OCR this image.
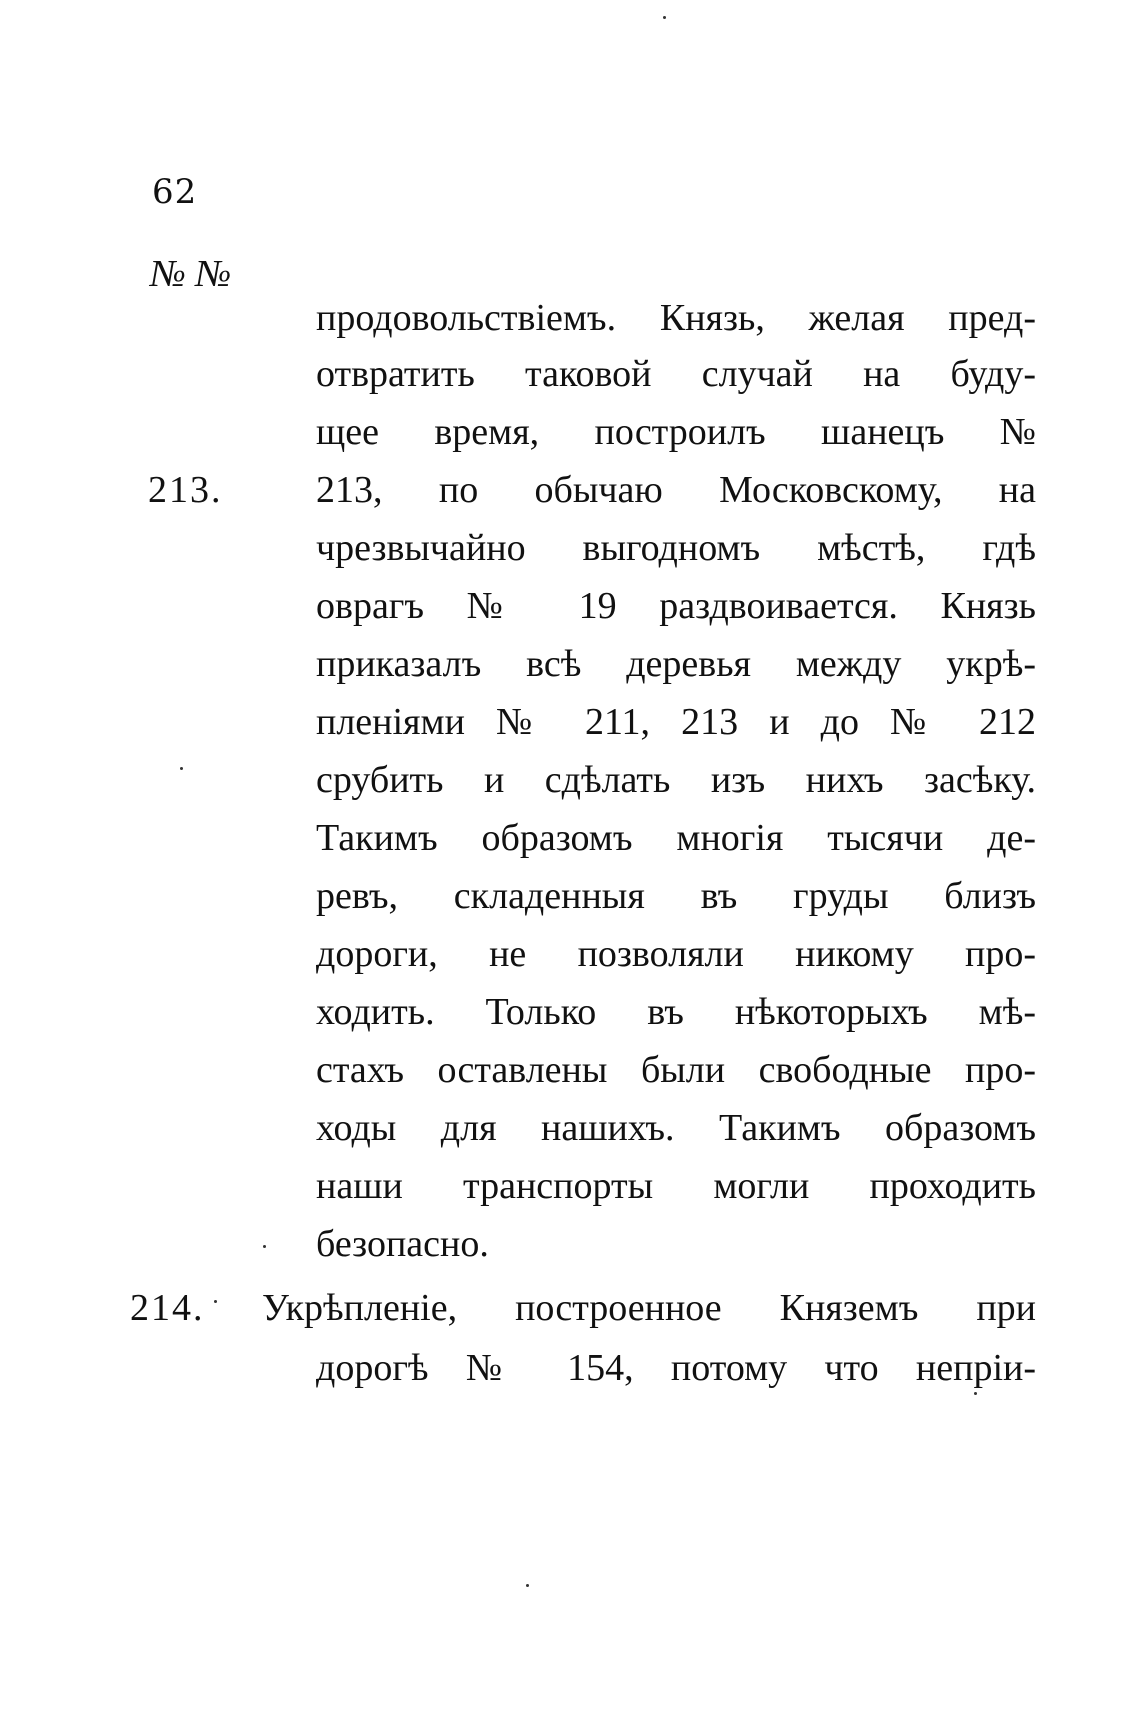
62
№ №
продовольствіемъ. Князь, желая пред-
отвратить таковой случай на буду-
щее время, построилъ шанецъ №
213. 213, по обычаю Московскому, на
чрезвычайно выгодномъ мѣстѣ, гдѣ
оврагъ № 19 раздвоивается. Князь
приказалъ всѣ деревья между укрѣ-
пленіями № 211, 213 и до № 212
срубить и сдѣлать изъ нихъ засѣку.
Такимъ образомъ многія тысячи де-
ревъ, складенныя въ груды близъ
дороги, не позволяли никому про-
ходить. Только въ нѣкоторыхъ мѣ-
стахъ оставлены были свободные про-
ходы для нашихъ. Такимъ образомъ
наши транспорты могли проходить
безопасно.
214. Укрѣпленіе, построенное Княземъ при
дорогѣ № 154, потому что непріи-
